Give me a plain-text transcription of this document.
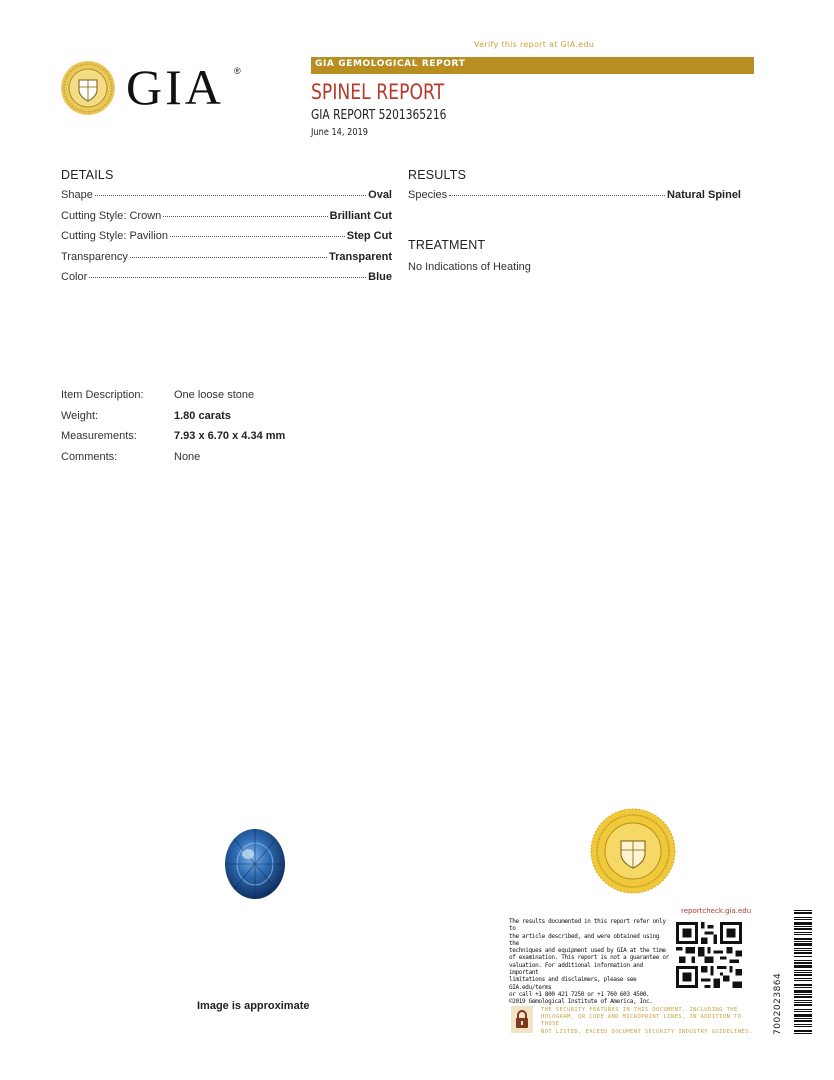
Verify this report at GIA.edu
GIA ®
GIA GEMOLOGICAL REPORT
SPINEL REPORT
GIA REPORT 5201365216
June 14, 2019
DETAILS
Shape	Oval
Cutting Style: Crown	Brilliant Cut
Cutting Style: Pavilion	Step Cut
Transparency	Transparent
Color	Blue
RESULTS
Species	Natural Spinel
TREATMENT
No Indications of Heating
Item Description:	One loose stone
Weight:	1.80 carats
Measurements:	7.93 x 6.70 x 4.34 mm
Comments:	None
Image is approximate
reportcheck.gia.edu
The results documented in this report refer only to
the article described, and were obtained using the
techniques and equipment used by GIA at the time
of examination. This report is not a guarantee or
valuation. For additional information and important
limitations and disclaimers, please see GIA.edu/terms
or call +1 800 421 7250 or +1 760 603 4500.
©2019 Gemological Institute of America, Inc.
THE SECURITY FEATURES IN THIS DOCUMENT, INCLUDING THE
HOLOGRAM, QR CODE AND MICROPRINT LINES, IN ADDITION TO THOSE
NOT LISTED, EXCEED DOCUMENT SECURITY INDUSTRY GUIDELINES. 7002023864
